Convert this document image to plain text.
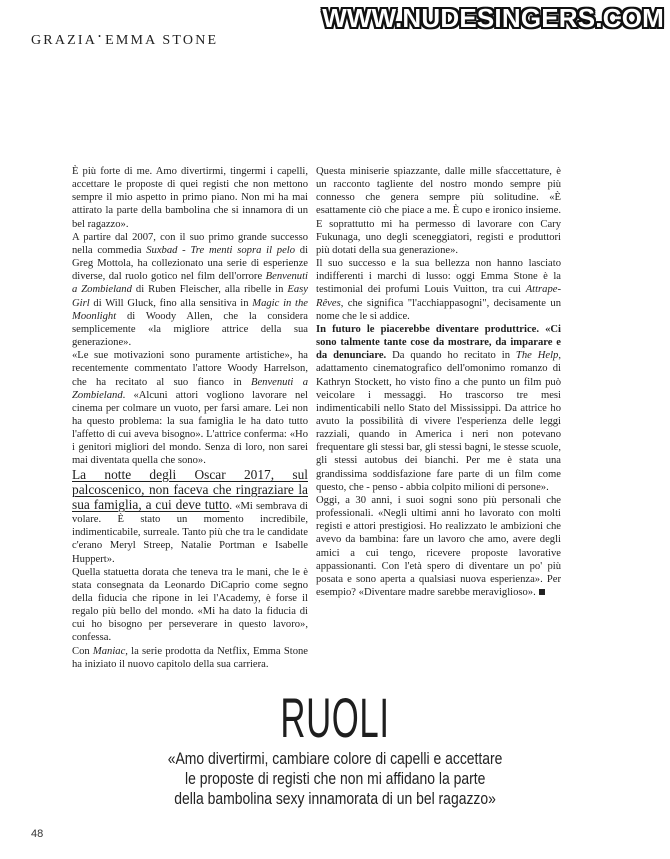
GRAZIA• EMMA STONE
WWW.NUDESINGERS.COM

È più forte di me. Amo divertirmi, tingermi i capelli, accettare le proposte di quei registi che non mettono sempre il mio aspetto in primo piano. Non mi ha mai attirato la parte della bambolina che si innamora di un bel ragazzo».

A partire dal 2007, con il suo primo grande successo nella commedia Suxbad - Tre menti sopra il pelo di Greg Mottola, ha collezionato una serie di esperienze diverse, dal ruolo gotico nel film dell'orrore Benvenuti a Zombieland di Ruben Fleischer, alla ribelle in Easy Girl di Will Gluck, fino alla sensitiva in Magic in the Moonlight di Woody Allen, che la considera semplicemente «la migliore attrice della sua generazione».

«Le sue motivazioni sono puramente artistiche», ha recentemente commentato l'attore Woody Harrelson, che ha recitato al suo fianco in Benvenuti a Zombieland. «Alcuni attori vogliono lavorare nel cinema per colmare un vuoto, per farsi amare. Lei non ha questo problema: la sua famiglia le ha dato tutto l'affetto di cui aveva bisogno». L'attrice conferma: «Ho i genitori migliori del mondo. Senza di loro, non sarei mai diventata quella che sono».

La notte degli Oscar 2017, sul palcoscenico, non faceva che ringraziare la sua famiglia, a cui deve tutto. «Mi sembrava di volare. È stato un momento incredibile, indimenticabile, surreale. Tanto più che tra le candidate c'erano Meryl Streep, Natalie Portman e Isabelle Huppert».

Quella statuetta dorata che teneva tra le mani, che le è stata consegnata da Leonardo DiCaprio come segno della fiducia che ripone in lei l'Academy, è forse il regalo più bello del mondo. «Mi ha dato la fiducia di cui ho bisogno per perseverare in questo lavoro», confessa.

Con Maniac, la serie prodotta da Netflix, Emma Stone ha iniziato il nuovo capitolo della sua carriera.

Questa miniserie spiazzante, dalle mille sfaccettature, è un racconto tagliente del nostro mondo sempre più connesso che genera sempre più solitudine. «È esattamente ciò che piace a me. È cupo e ironico insieme. E soprattutto mi ha permesso di lavorare con Cary Fukunaga, uno degli sceneggiatori, registi e produttori più dotati della sua generazione».

Il suo successo e la sua bellezza non hanno lasciato indifferenti i marchi di lusso: oggi Emma Stone è la testimonial dei profumi Louis Vuitton, tra cui Attrape-Rêves, che significa "l'acchiappasogni", decisamente un nome che le si addice.

In futuro le piacerebbe diventare produttrice. «Ci sono talmente tante cose da mostrare, da imparare e da denunciare. Da quando ho recitato in The Help, adattamento cinematografico dell'omonimo romanzo di Kathryn Stockett, ho visto fino a che punto un film può veicolare i messaggi. Ho trascorso tre mesi indimenticabili nello Stato del Mississippi. Da attrice ho avuto la possibilità di vivere l'esperienza delle leggi razziali, quando in America i neri non potevano frequentare gli stessi bar, gli stessi bagni, le stesse scuole, gli stessi autobus dei bianchi. Per me è stata una grandissima soddisfazione fare parte di un film come questo, che - penso - abbia colpito milioni di persone».

Oggi, a 30 anni, i suoi sogni sono più personali che professionali. «Negli ultimi anni ho lavorato con molti registi e attori prestigiosi. Ho realizzato le ambizioni che avevo da bambina: fare un lavoro che amo, avere degli amici a cui tengo, ricevere proposte lavorative appassionanti. Con l'età spero di diventare un po' più posata e sono aperta a qualsiasi nuova esperienza». Per esempio? «Diventare madre sarebbe meraviglioso».

RUOLI
«Amo divertirmi, cambiare colore di capelli e accettare
le proposte di registi che non mi affidano la parte
della bambolina sexy innamorata di un bel ragazzo»
48
